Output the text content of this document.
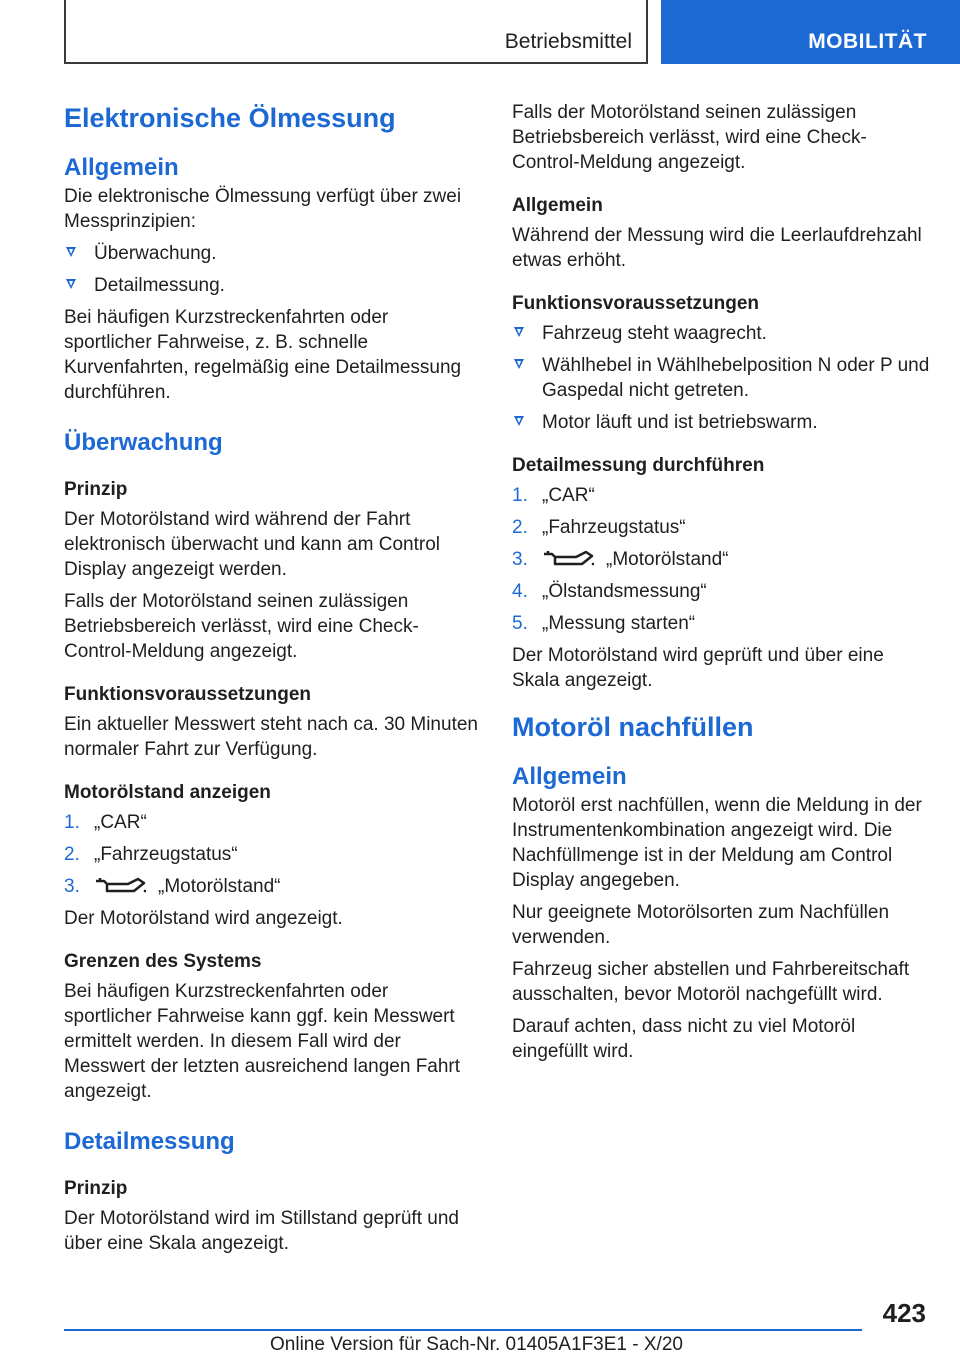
Betriebsmittel	MOBILITÄT
Elektronische Ölmessung
Allgemein

Die elektronische Ölmessung verfügt über zwei Messprinzipien:

Überwachung.
Detailmessung.

Bei häufigen Kurzstreckenfahrten oder sportlicher Fahrweise, z. B. schnelle Kurvenfahrten, regelmäßig eine Detailmessung durchführen.

Überwachung
Prinzip

Der Motorölstand wird während der Fahrt elektronisch überwacht und kann am Control Display angezeigt werden.

Falls der Motorölstand seinen zulässigen Betriebsbereich verlässt, wird eine Check-Control-Meldung angezeigt.

Funktionsvoraussetzungen

Ein aktueller Messwert steht nach ca. 30 Minuten normaler Fahrt zur Verfügung.

Motorölstand anzeigen
1. „CAR“
2. „Fahrzeugstatus“
3.	„Motorölstand“

Der Motorölstand wird angezeigt.

Grenzen des Systems

Bei häufigen Kurzstreckenfahrten oder sportlicher Fahrweise kann ggf. kein Messwert ermittelt werden. In diesem Fall wird der Messwert der letzten ausreichend langen Fahrt angezeigt.

Detailmessung
Prinzip

Der Motorölstand wird im Stillstand geprüft und über eine Skala angezeigt.

Falls der Motorölstand seinen zulässigen Betriebsbereich verlässt, wird eine Check-Control-Meldung angezeigt.

Allgemein

Während der Messung wird die Leerlaufdrehzahl etwas erhöht.

Funktionsvoraussetzungen
Fahrzeug steht waagrecht.
Wählhebel in Wählhebelposition N oder P und Gaspedal nicht getreten.
Motor läuft und ist betriebswarm.
Detailmessung durchführen
1. „CAR“
2. „Fahrzeugstatus“
3.	„Motorölstand“
4. „Ölstandsmessung“
5. „Messung starten“

Der Motorölstand wird geprüft und über eine Skala angezeigt.

Motoröl nachfüllen
Allgemein

Motoröl erst nachfüllen, wenn die Meldung in der Instrumentenkombination angezeigt wird. Die Nachfüllmenge ist in der Meldung am Control Display angegeben.

Nur geeignete Motorölsorten zum Nachfüllen verwenden.

Fahrzeug sicher abstellen und Fahrbereitschaft ausschalten, bevor Motoröl nachgefüllt wird.

Darauf achten, dass nicht zu viel Motoröl eingefüllt wird.

423
Online Version für Sach-Nr. 01405A1F3E1 - X/20
